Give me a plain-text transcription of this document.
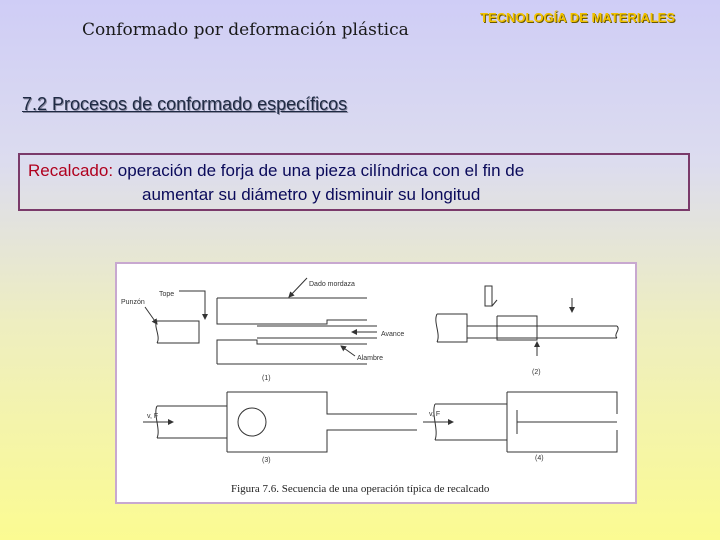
Conformado por deformación plástica
TECNOLOGÍA DE MATERIALES
7.2 Procesos de conformado específicos
Recalcado: operación de forja de una pieza cilíndrica con el fin de
aumentar su diámetro y disminuir su longitud
Tope
Punzón
Dado mordaza
Avance
Alambre
(1)
(2)
(3)	(4)
v, F	v, F
Figura 7.6. Secuencia de una operación típica de recalcado
